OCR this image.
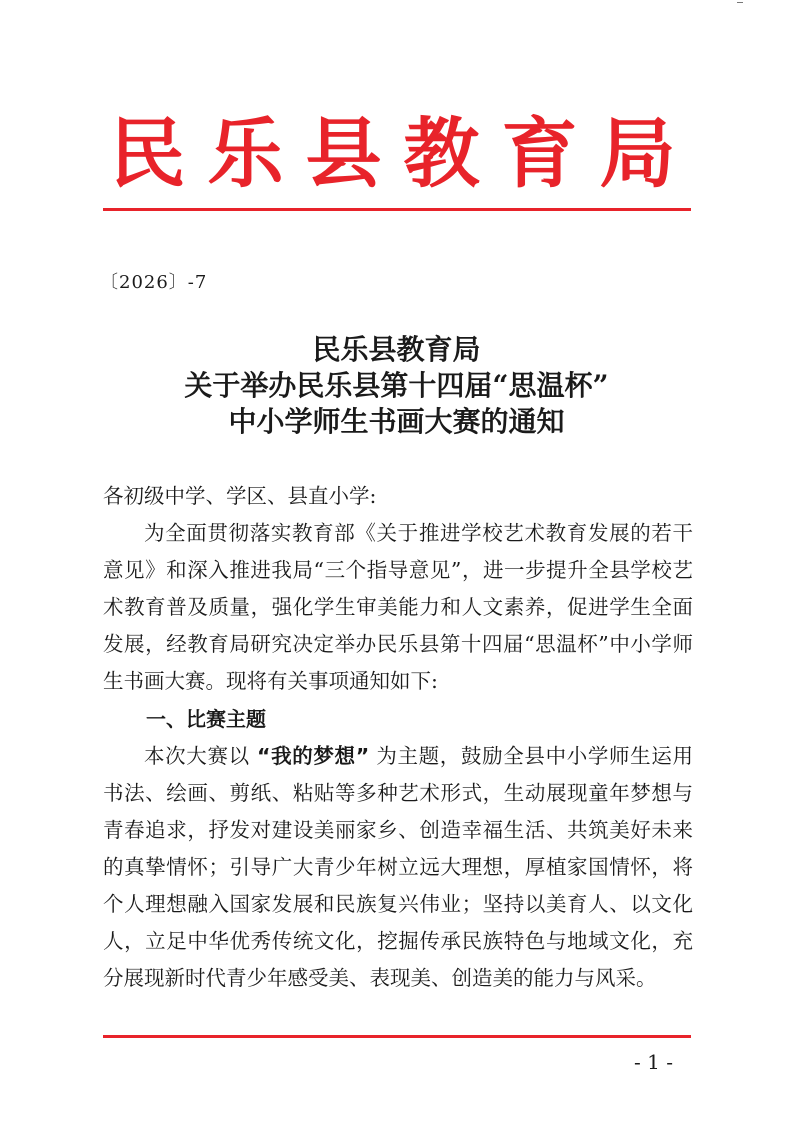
民乐县教育局
〔2026〕-7
民乐县教育局
关于举办民乐县第十四届“思温杯”
中小学师生书画大赛的通知
各初级中学、学区、县直小学:
为全面贯彻落实教育部《关于推进学校艺术教育发展的若干意见》和深入推进我局“三个指导意见”，进一步提升全县学校艺术教育普及质量，强化学生审美能力和人文素养，促进学生全面发展，经教育局研究决定举办民乐县第十四届“思温杯”中小学师生书画大赛。现将有关事项通知如下:
一、比赛主题
本次大赛以 “我的梦想” 为主题，鼓励全县中小学师生运用书法、绘画、剪纸、粘贴等多种艺术形式，生动展现童年梦想与青春追求，抒发对建设美丽家乡、创造幸福生活、共筑美好未来的真挚情怀；引导广大青少年树立远大理想，厚植家国情怀，将个人理想融入国家发展和民族复兴伟业；坚持以美育人、以文化人，立足中华优秀传统文化，挖掘传承民族特色与地域文化，充分展现新时代青少年感受美、表现美、创造美的能力与风采。
- 1 -
